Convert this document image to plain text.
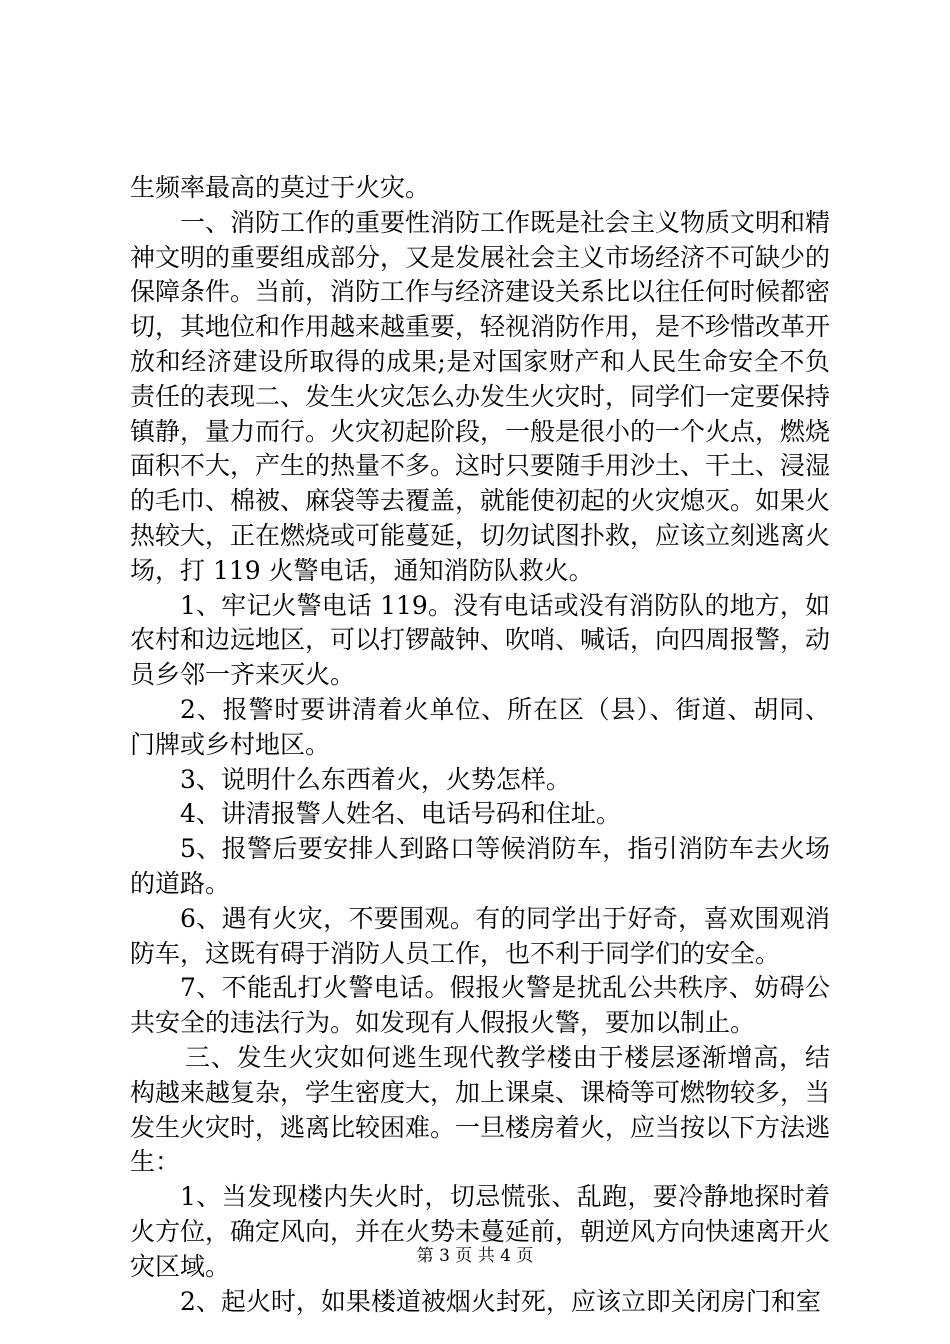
生频率最高的莫过于火灾。

一、消防工作的重要性消防工作既是社会主义物质文明和精神文明的重要组成部分，又是发展社会主义市场经济不可缺少的保障条件。当前，消防工作与经济建设关系比以往任何时候都密切，其地位和作用越来越重要，轻视消防作用，是不珍惜改革开放和经济建设所取得的成果;是对国家财产和人民生命安全不负责任的表现二、发生火灾怎么办发生火灾时，同学们一定要保持镇静，量力而行。火灾初起阶段，一般是很小的一个火点，燃烧面积不大，产生的热量不多。这时只要随手用沙土、干土、浸湿的毛巾、棉被、麻袋等去覆盖，就能使初起的火灾熄灭。如果火热较大，正在燃烧或可能蔓延，切勿试图扑救，应该立刻逃离火场，打 119 火警电话，通知消防队救火。

1、牢记火警电话 119。没有电话或没有消防队的地方，如农村和边远地区，可以打锣敲钟、吹哨、喊话，向四周报警，动员乡邻一齐来灭火。

2、报警时要讲清着火单位、所在区（县）、街道、胡同、门牌或乡村地区。

3、说明什么东西着火，火势怎样。

4、讲清报警人姓名、电话号码和住址。

5、报警后要安排人到路口等候消防车，指引消防车去火场的道路。

6、遇有火灾，不要围观。有的同学出于好奇，喜欢围观消防车，这既有碍于消防人员工作，也不利于同学们的安全。

7、不能乱打火警电话。假报火警是扰乱公共秩序、妨碍公共安全的违法行为。如发现有人假报火警，要加以制止。

三、发生火灾如何逃生现代教学楼由于楼层逐渐增高，结构越来越复杂，学生密度大，加上课桌、课椅等可燃物较多，当发生火灾时，逃离比较困难。一旦楼房着火，应当按以下方法逃生：

1、当发现楼内失火时，切忌慌张、乱跑，要冷静地探时着火方位，确定风向，并在火势未蔓延前，朝逆风方向快速离开火灾区域。

2、起火时，如果楼道被烟火封死，应该立即关闭房门和室

第 3 页 共 4 页
